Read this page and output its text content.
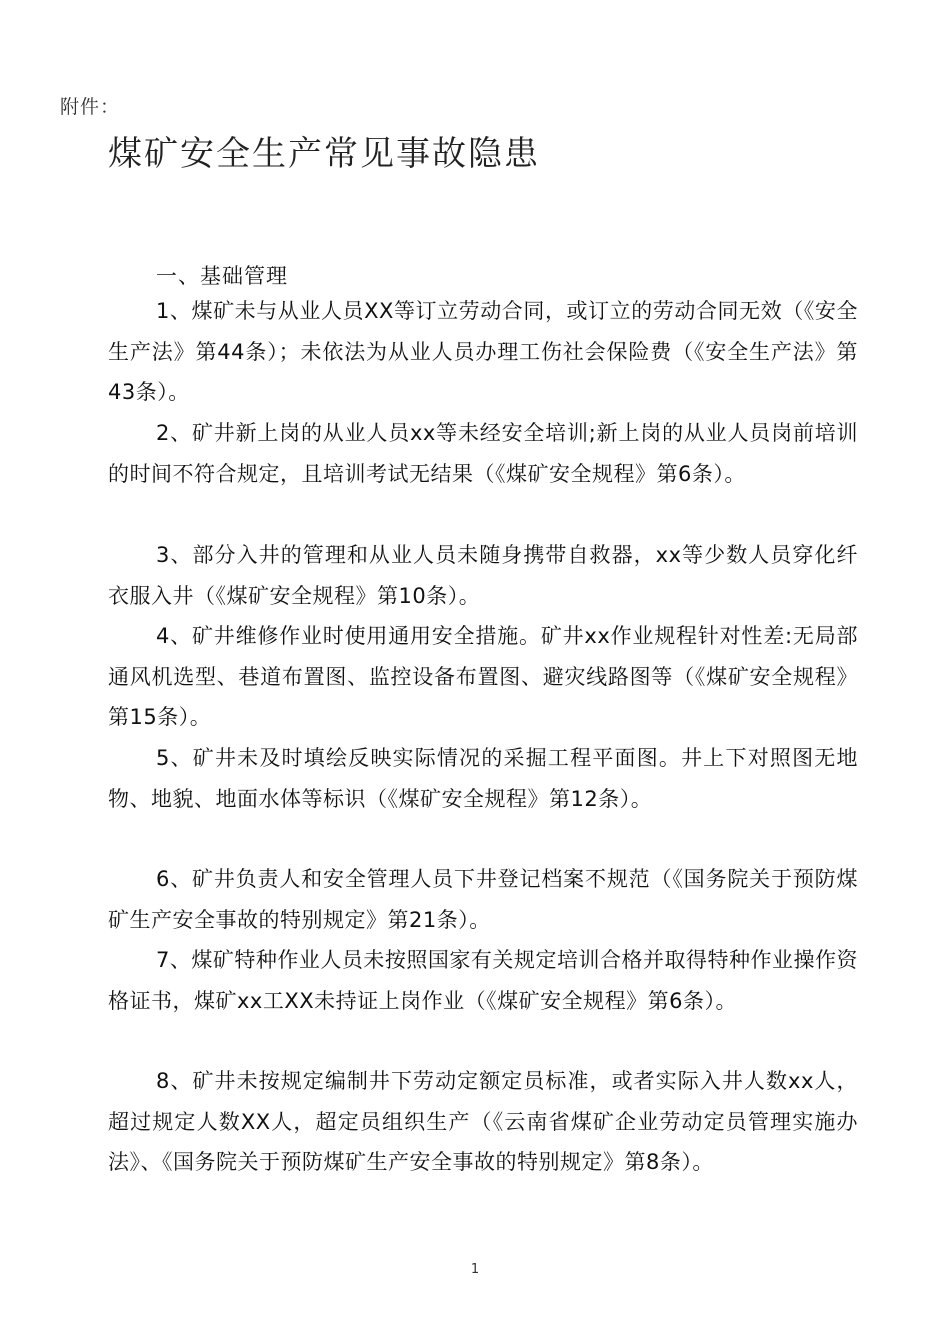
附件：
煤矿安全生产常见事故隐患
一、基础管理

1、煤矿未与从业人员XX等订立劳动合同，或订立的劳动合同无效（《安全生产法》第44条）；未依法为从业人员办理工伤社会保险费（《安全生产法》第43条）。

2、矿井新上岗的从业人员xx等未经安全培训;新上岗的从业人员岗前培训的时间不符合规定，且培训考试无结果（《煤矿安全规程》第6条）。

3、部分入井的管理和从业人员未随身携带自救器，xx等少数人员穿化纤衣服入井（《煤矿安全规程》第10条）。

4、矿井维修作业时使用通用安全措施。矿井xx作业规程针对性差:无局部通风机选型、巷道布置图、监控设备布置图、避灾线路图等（《煤矿安全规程》第15条）。

5、矿井未及时填绘反映实际情况的采掘工程平面图。井上下对照图无地物、地貌、地面水体等标识（《煤矿安全规程》第12条）。

6、矿井负责人和安全管理人员下井登记档案不规范（《国务院关于预防煤矿生产安全事故的特别规定》第21条）。

7、煤矿特种作业人员未按照国家有关规定培训合格并取得特种作业操作资格证书，煤矿xx工XX未持证上岗作业（《煤矿安全规程》第6条）。

8、矿井未按规定编制井下劳动定额定员标准，或者实际入井人数xx人，超过规定人数XX人，超定员组织生产（《云南省煤矿企业劳动定员管理实施办法》、《国务院关于预防煤矿生产安全事故的特别规定》第8条）。

1
